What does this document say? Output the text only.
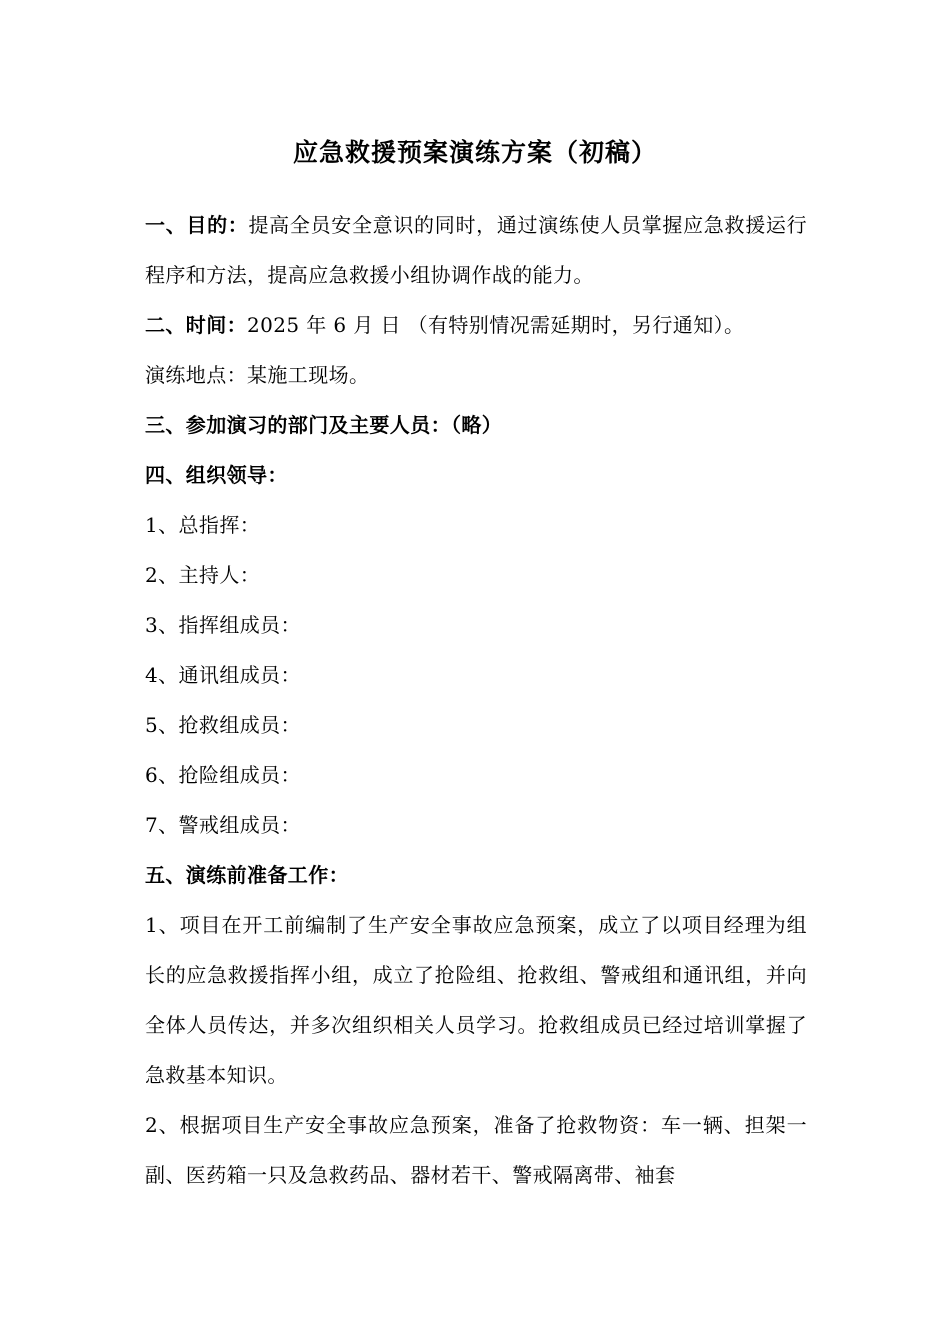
应急救援预案演练方案（初稿）

一、目的：提高全员安全意识的同时，通过演练使人员掌握应急救援运行程序和方法，提高应急救援小组协调作战的能力。

二、时间：2025 年 6 月 日 （有特别情况需延期时，另行通知）。

演练地点：某施工现场。

三、参加演习的部门及主要人员：（略）

四、组织领导：

1、总指挥：

2、主持人：

3、指挥组成员：

4、通讯组成员：

5、抢救组成员：

6、抢险组成员：

7、警戒组成员：

五、演练前准备工作：

1、项目在开工前编制了生产安全事故应急预案，成立了以项目经理为组长的应急救援指挥小组，成立了抢险组、抢救组、警戒组和通讯组，并向全体人员传达，并多次组织相关人员学习。抢救组成员已经过培训掌握了急救基本知识。

2、根据项目生产安全事故应急预案，准备了抢救物资：车一辆、担架一副、医药箱一只及急救药品、器材若干、警戒隔离带、袖套
